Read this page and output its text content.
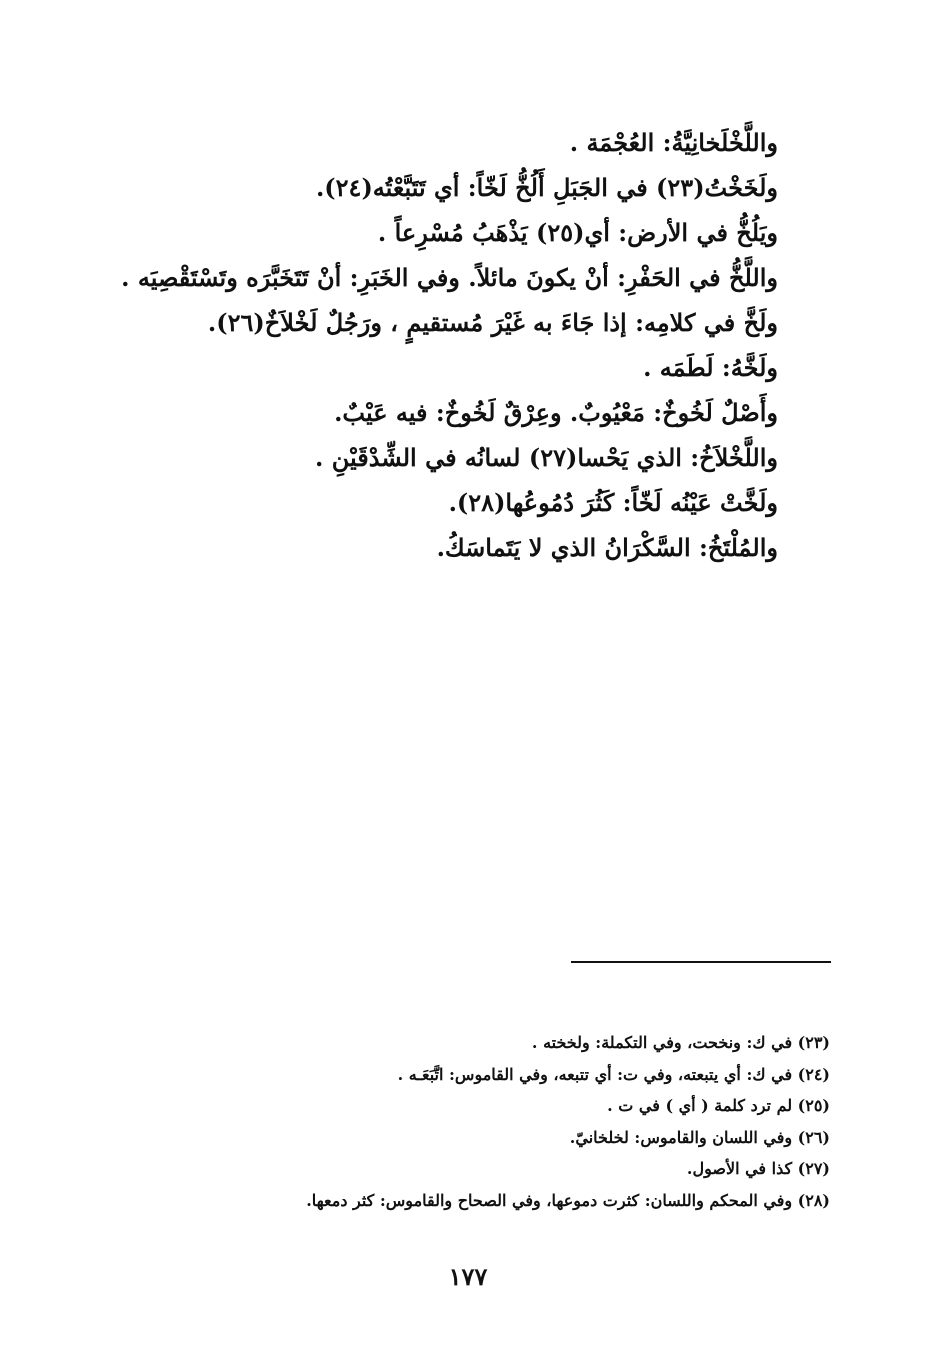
واللَّخْلَخانِيَّةُ: العُجْمَة .
ولَخَخْتُ(٢٣) في الجَبَلِ أَلُخُّ لَخّاً: أي تَتَبَّعْتُه(٢٤).
ويَلُخُّ في الأرض: أي(٢٥) يَذْهَبُ مُسْرِعاً .
واللَّخُّ في الحَفْرِ: أنْ يكونَ مائلاً. وفي الخَبَرِ: أنْ تَتَخَبَّرَه وتَسْتَقْصِيَه .
ولَخَّ في كلامِه: إذا جَاءَ به غَيْرَ مُستقيمٍ ، ورَجُلٌ لَخْلاَخٌ(٢٦).
ولَخَّهُ: لَطَمَه .
وأَصْلٌ لَخُوخٌ: مَعْيُوبٌ. وعِرْقٌ لَخُوخٌ: فيه عَيْبٌ.
واللَّخْلاَخُ: الذي يَحْسا(٢٧) لسانُه في الشِّدْقَيْنِ .
ولَخَّتْ عَيْنُه لَخّاً: كَثُرَ دُمُوعُها(٢٨).
والمُلْتَخُ: السَّكْرَانُ الذي لا يَتَماسَكُ.
(٢٣) في ك: ونخحت، وفي التكملة: ولخخته .
(٢٤) في ك: أي يتبعته، وفي ت: أي تتبعه، وفي القاموس: اتَّبَعَـه .
(٢٥) لم ترد كلمة ( أي ) في ت .
(٢٦) وفي اللسان والقاموس: لخلخانيّ.
(٢٧) كذا في الأصول.
(٢٨) وفي المحكم واللسان: كثرت دموعها، وفي الصحاح والقاموس: كثر دمعها.
١٧٧
